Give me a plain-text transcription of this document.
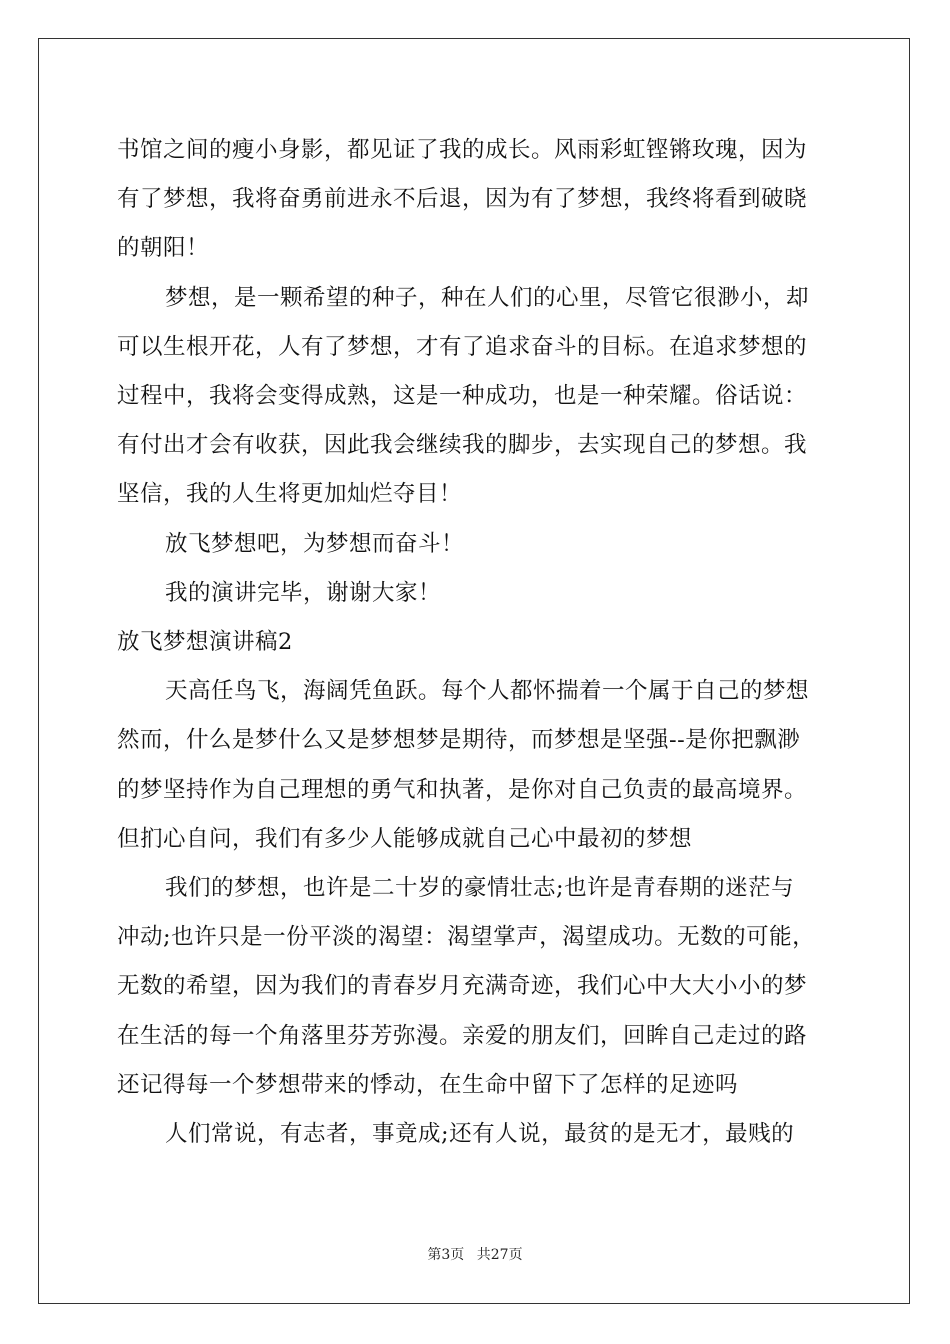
书馆之间的瘦小身影，都见证了我的成长。风雨彩虹铿锵玫瑰，因为
有了梦想，我将奋勇前进永不后退，因为有了梦想，我终将看到破晓
的朝阳！
梦想，是一颗希望的种子，种在人们的心里，尽管它很渺小，却
可以生根开花，人有了梦想，才有了追求奋斗的目标。在追求梦想的
过程中，我将会变得成熟，这是一种成功，也是一种荣耀。俗话说：
有付出才会有收获，因此我会继续我的脚步，去实现自己的梦想。我
坚信，我的人生将更加灿烂夺目！
放飞梦想吧，为梦想而奋斗！
我的演讲完毕，谢谢大家！
放飞梦想演讲稿2
天高任鸟飞，海阔凭鱼跃。每个人都怀揣着一个属于自己的梦想
然而，什么是梦什么又是梦想梦是期待，而梦想是坚强--是你把飘渺
的梦坚持作为自己理想的勇气和执著，是你对自己负责的最高境界。
但扪心自问，我们有多少人能够成就自己心中最初的梦想
我们的梦想，也许是二十岁的豪情壮志;也许是青春期的迷茫与
冲动;也许只是一份平淡的渴望：渴望掌声，渴望成功。无数的可能，
无数的希望，因为我们的青春岁月充满奇迹，我们心中大大小小的梦
在生活的每一个角落里芬芳弥漫。亲爱的朋友们，回眸自己走过的路
还记得每一个梦想带来的悸动，在生命中留下了怎样的足迹吗
人们常说，有志者，事竟成;还有人说，最贫的是无才，最贱的
第3页 共27页
